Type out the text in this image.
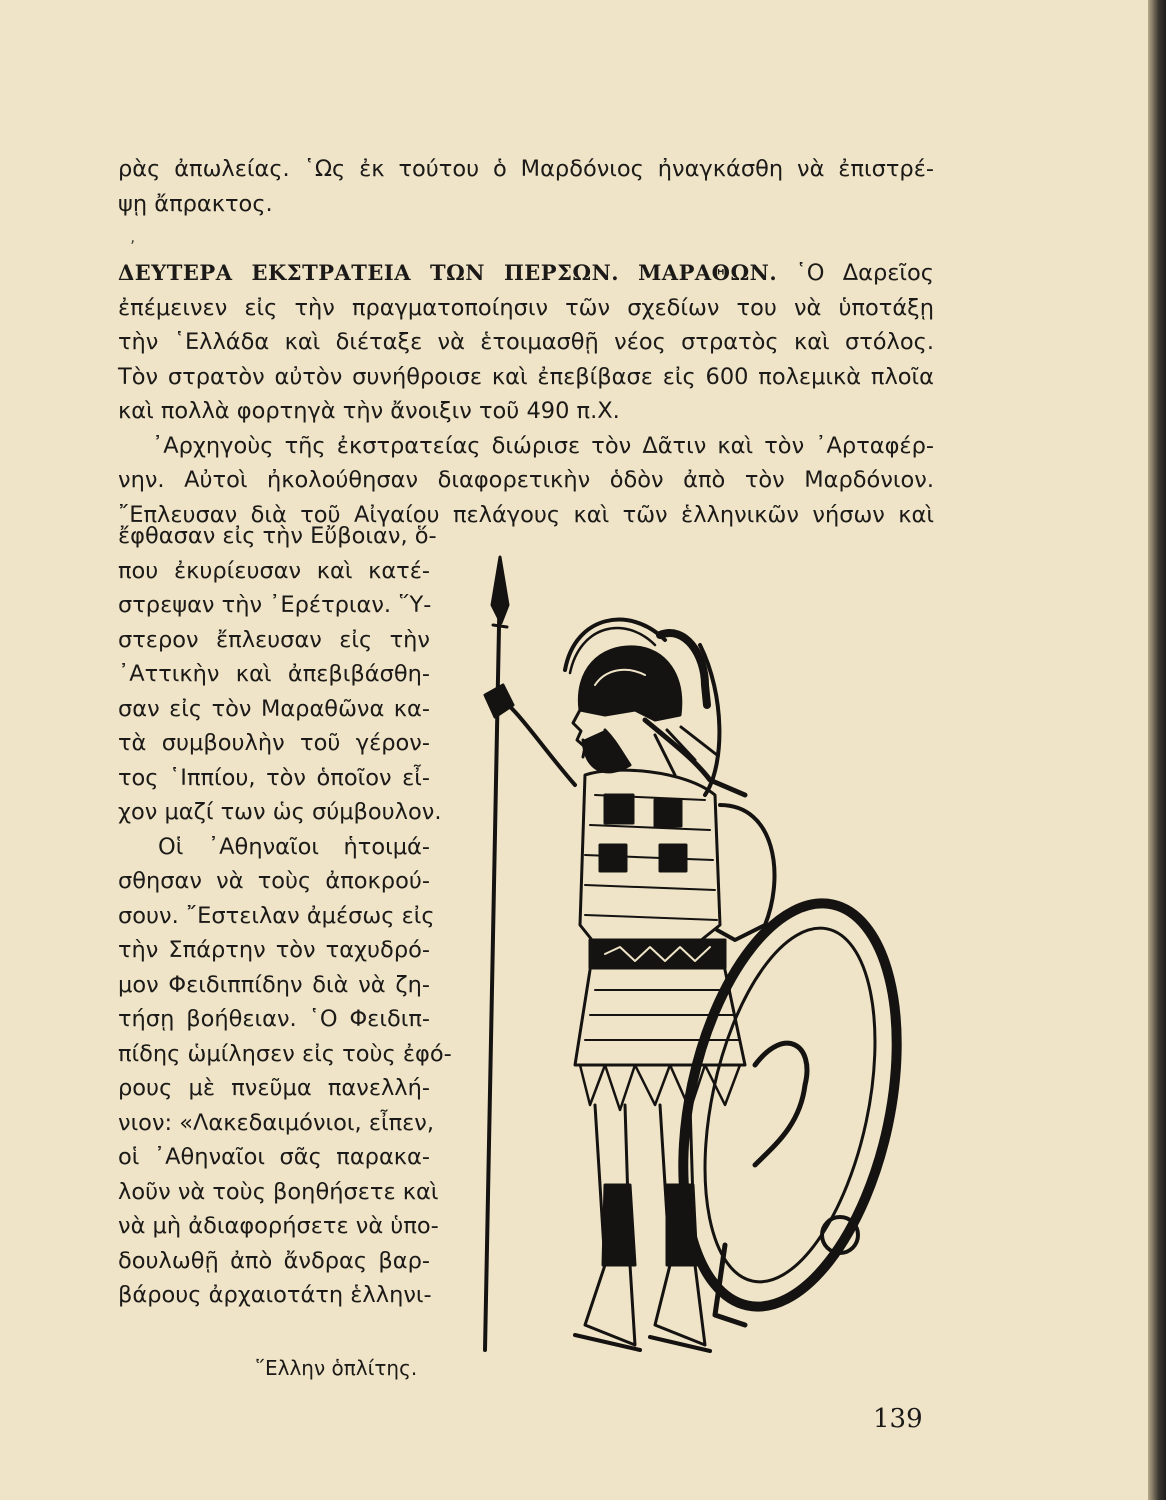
ʼ
ρὰς ἀπωλείας. ῾Ως ἐκ τούτου ὁ Μαρδόνιος ἠναγκάσθη νὰ ἐπιστρέ-
ψῃ ἄπρακτος.
ΔΕΥΤΕΡΑ ΕΚΣΤΡΑΤΕΙΑ ΤΩΝ ΠΕΡΣΩΝ. ΜΑΡΑΘΩΝ. ῾Ο Δαρεῖος
ἐπέμεινεν εἰς τὴν πραγματοποίησιν τῶν σχεδίων του νὰ ὑποτάξῃ
τὴν ῾Ελλάδα καὶ διέταξε νὰ ἑτοιμασθῇ νέος στρατὸς καὶ στόλος.
Τὸν στρατὸν αὐτὸν συνήθροισε καὶ ἐπεβίβασε εἰς 600 πολεμικὰ πλοῖα
καὶ πολλὰ φορτηγὰ τὴν ἄνοιξιν τοῦ 490 π.Χ.
᾿Αρχηγοὺς τῆς ἐκστρατείας διώρισε τὸν Δᾶτιν καὶ τὸν ᾿Αρταφέρ-
νην. Αὐτοὶ ἠκολούθησαν διαφορετικὴν ὁδὸν ἀπὸ τὸν Μαρδόνιον.
῎Επλευσαν διὰ τοῦ Αἰγαίου πελάγους καὶ τῶν ἑλληνικῶν νήσων καὶ
ἔφθασαν εἰς τὴν Εὔβοιαν, ὅ-
που ἐκυρίευσαν καὶ κατέ-
στρεψαν τὴν ᾿Ερέτριαν. ῞Υ-
στερον ἔπλευσαν εἰς τὴν
᾿Αττικὴν καὶ ἀπεβιβάσθη-
σαν εἰς τὸν Μαραθῶνα κα-
τὰ συμβουλὴν τοῦ γέρον-
τος ῾Ιππίου, τὸν ὁποῖον εἶ-
χον μαζί των ὡς σύμβουλον.
Οἱ ᾿Αθηναῖοι ἡτοιμά-
σθησαν νὰ τοὺς ἀποκρού-
σουν. ῎Εστειλαν ἀμέσως εἰς
τὴν Σπάρτην τὸν ταχυδρό-
μον Φειδιππίδην διὰ νὰ ζη-
τήσῃ βοήθειαν. ῾Ο Φειδιπ-
πίδης ὡμίλησεν εἰς τοὺς ἐφό-
ρους μὲ πνεῦμα πανελλή-
νιον: «Λακεδαιμόνιοι, εἶπεν,
οἱ ᾿Αθηναῖοι σᾶς παρακα-
λοῦν νὰ τοὺς βοηθήσετε καὶ
νὰ μὴ ἀδιαφορήσετε νὰ ὑπο-
δουλωθῇ ἀπὸ ἄνδρας βαρ-
βάρους ἀρχαιοτάτη ἑλληνι-
῞Ελλην ὁπλίτης.
139
